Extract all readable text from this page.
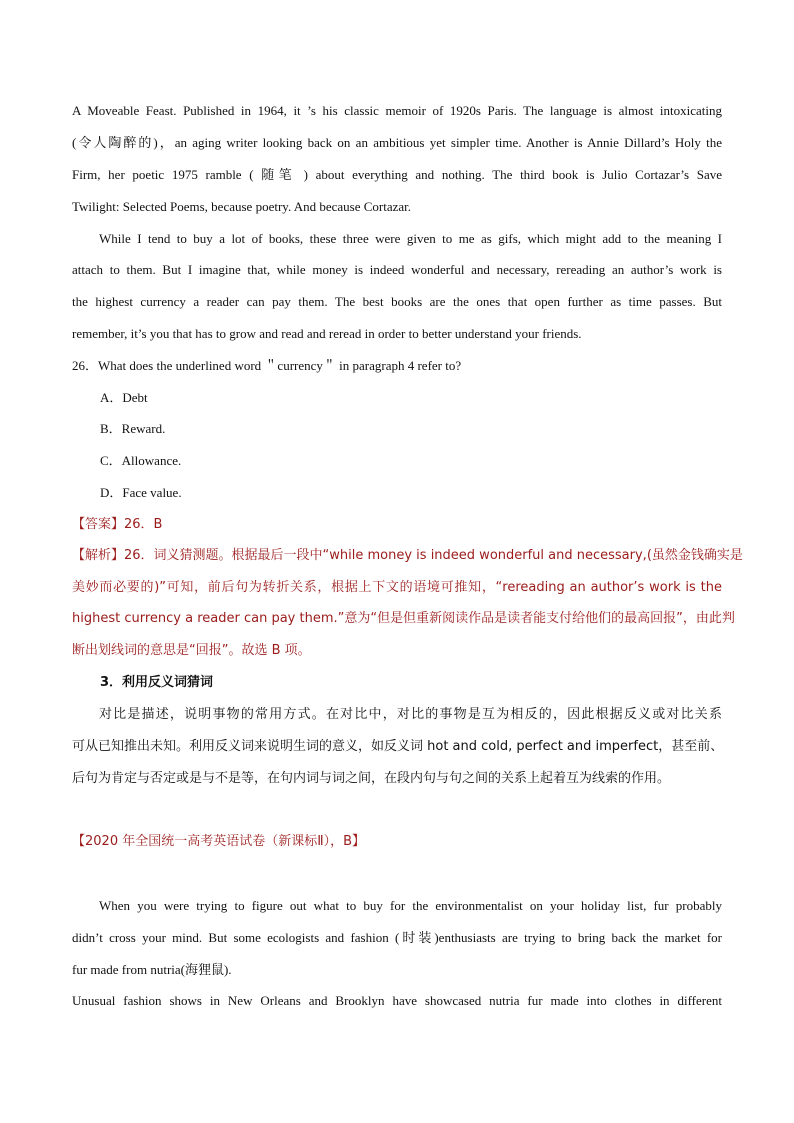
A Moveable Feast. Published in 1964, it ’s his classic memoir of 1920s Paris. The language is almost intoxicating
(令人陶醉的)，an aging writer looking back on an ambitious yet simpler time. Another is Annie Dillard’s Holy the
Firm, her poetic 1975 ramble ( 随笔 ) about everything and nothing. The third book is Julio Cortazar’s Save
Twilight: Selected Poems, because poetry. And because Cortazar.
While I tend to buy a lot of books, these three were given to me as gifs, which might add to the meaning I
attach to them. But I imagine that, while money is indeed wonderful and necessary, rereading an author’s work is
the highest currency a reader can pay them. The best books are the ones that open further as time passes. But
remember, it’s you that has to grow and read and reread in order to better understand your friends.
26．What does the underlined word ＂currency＂ in paragraph 4 refer to?
A．Debt
B．Reward.
C．Allowance.
D．Face value.
【答案】26．B
【解析】26．词义猜测题。根据最后一段中“while money is indeed wonderful and necessary,(虽然金钱确实是
美妙而必要的)”可知，前后句为转折关系，根据上下文的语境可推知，“rereading an author’s work is the
highest currency a reader can pay them.”意为“但是但重新阅读作品是读者能支付给他们的最高回报”，由此判
断出划线词的意思是“回报”。故选 B 项。
3．利用反义词猜词
对比是描述，说明事物的常用方式。在对比中，对比的事物是互为相反的，因此根据反义或对比关系
可从已知推出未知。利用反义词来说明生词的意义，如反义词 hot and cold, perfect and imperfect，甚至前、
后句为肯定与否定或是与不是等，在句内词与词之间，在段内句与句之间的关系上起着互为线索的作用。
【2020 年全国统一高考英语试卷（新课标Ⅱ），B】
When you were trying to figure out what to buy for the environmentalist on your holiday list, fur probably
didn’t cross your mind. But some ecologists and fashion (时装)enthusiasts are trying to bring back the market for
fur made from nutria(海狸鼠).
Unusual fashion shows in New Orleans and Brooklyn have showcased nutria fur made into clothes in different
